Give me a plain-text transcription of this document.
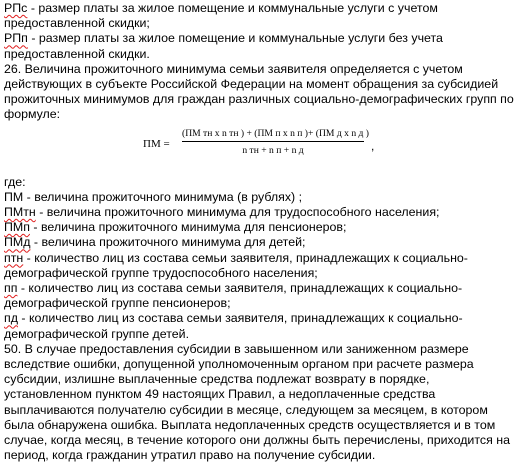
РПс - размер платы за жилое помещение и коммунальные услуги с учетом предоставленной скидки;

РПп - размер платы за жилое помещение и коммунальные услуги без учета предоставленной скидки.

26. Величина прожиточного минимума семьи заявителя определяется с учетом действующих в субъекте Российской Федерации на момент обращения за субсидией прожиточных минимумов для граждан различных социально-демографических групп по формуле:

ПМ =
(ПМ тн x n тн ) + (ПМ п x n п )+ (ПМ д x n д )
n тн + n п + n д	,

где:

ПМ - величина прожиточного минимума (в рублях) ;

ПМтн - величина прожиточного минимума для трудоспособного населения;

ПМп - величина прожиточного минимума для пенсионеров;

ПМд - величина прожиточного минимума для детей;

птн - количество лиц из состава семьи заявителя, принадлежащих к социально-демографической группе трудоспособного населения;

пп - количество лиц из состава семьи заявителя, принадлежащих к социально-демографической группе пенсионеров;

пд - количество лиц из состава семьи заявителя, принадлежащих к социально-демографической группе детей.

50. В случае предоставления субсидии в завышенном или заниженном размере вследствие ошибки, допущенной уполномоченным органом при расчете размера субсидии, излишне выплаченные средства подлежат возврату в порядке, установленном пунктом 49 настоящих Правил, а недоплаченные средства выплачиваются получателю субсидии в месяце, следующем за месяцем, в котором была обнаружена ошибка. Выплата недоплаченных средств осуществляется и в том случае, когда месяц, в течение которого они должны быть перечислены, приходится на период, когда гражданин утратил право на получение субсидии.
